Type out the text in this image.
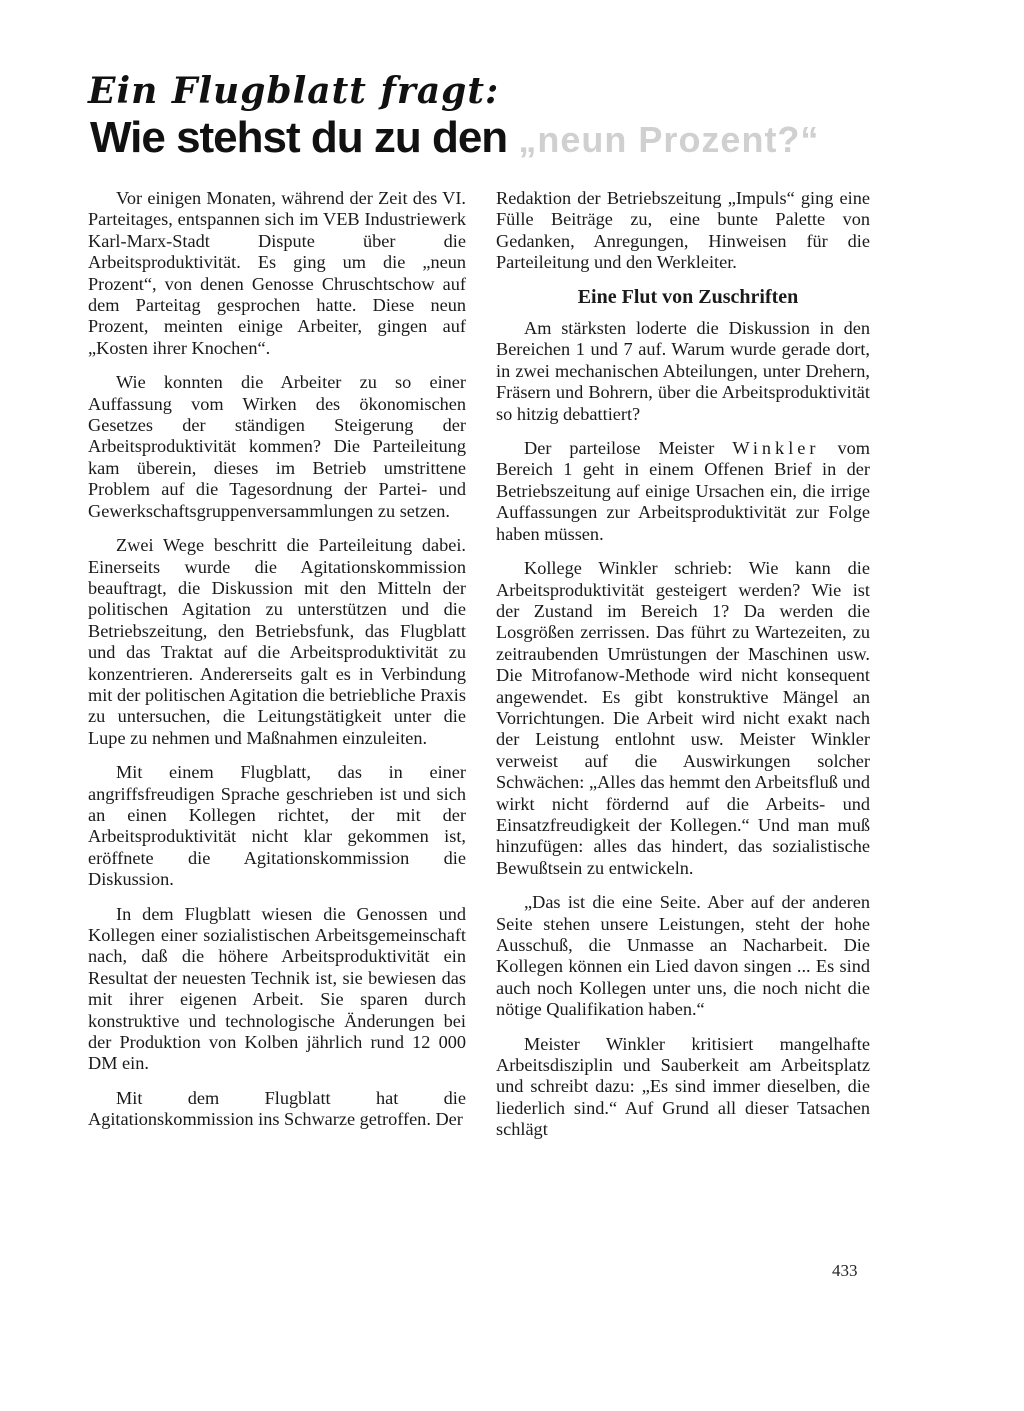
Ein Flugblatt fragt:
Wie stehst du zu den „neun Prozent?“

Vor einigen Monaten, während der Zeit des VI. Parteitages, entspannen sich im VEB Industriewerk Karl-Marx-Stadt Dispute über die Arbeitsproduktivität. Es ging um die „neun Prozent“, von denen Genosse Chruschtschow auf dem Parteitag gesprochen hatte. Diese neun Prozent, meinten einige Arbeiter, gingen auf „Kosten ihrer Knochen“.

Wie konnten die Arbeiter zu so einer Auffassung vom Wirken des ökonomischen Gesetzes der ständigen Steigerung der Arbeitsproduktivität kommen? Die Parteileitung kam überein, dieses im Betrieb umstrittene Problem auf die Tagesordnung der Partei- und Gewerkschaftsgruppenversammlungen zu setzen.

Zwei Wege beschritt die Parteileitung dabei. Einerseits wurde die Agitationskommission beauftragt, die Diskussion mit den Mitteln der politischen Agitation zu unterstützen und die Betriebszeitung, den Betriebsfunk, das Flugblatt und das Traktat auf die Arbeitsproduktivität zu konzentrieren. Andererseits galt es in Verbindung mit der politischen Agitation die betriebliche Praxis zu untersuchen, die Leitungstätigkeit unter die Lupe zu nehmen und Maßnahmen einzuleiten.

Mit einem Flugblatt, das in einer angriffsfreudigen Sprache geschrieben ist und sich an einen Kollegen richtet, der mit der Arbeitsproduktivität nicht klar gekommen ist, eröffnete die Agitationskommission die Diskussion.

In dem Flugblatt wiesen die Genossen und Kollegen einer sozialistischen Arbeitsgemeinschaft nach, daß die höhere Arbeitsproduktivität ein Resultat der neuesten Technik ist, sie bewiesen das mit ihrer eigenen Arbeit. Sie sparen durch konstruktive und technologische Änderungen bei der Produktion von Kolben jährlich rund 12 000 DM ein.

Mit dem Flugblatt hat die Agitationskommission ins Schwarze getroffen. Der

Redaktion der Betriebszeitung „Impuls“ ging eine Fülle Beiträge zu, eine bunte Palette von Gedanken, Anregungen, Hinweisen für die Parteileitung und den Werkleiter.

Eine Flut von Zuschriften

Am stärksten loderte die Diskussion in den Bereichen 1 und 7 auf. Warum wurde gerade dort, in zwei mechanischen Abteilungen, unter Drehern, Fräsern und Bohrern, über die Arbeitsproduktivität so hitzig debattiert?

Der parteilose Meister Winkler vom Bereich 1 geht in einem Offenen Brief in der Betriebszeitung auf einige Ursachen ein, die irrige Auffassungen zur Arbeitsproduktivität zur Folge haben müssen.

Kollege Winkler schrieb: Wie kann die Arbeitsproduktivität gesteigert werden? Wie ist der Zustand im Bereich 1? Da werden die Losgrößen zerrissen. Das führt zu Wartezeiten, zu zeitraubenden Umrüstungen der Maschinen usw. Die Mitrofanow-Methode wird nicht konsequent angewendet. Es gibt konstruktive Mängel an Vorrichtungen. Die Arbeit wird nicht exakt nach der Leistung entlohnt usw. Meister Winkler verweist auf die Auswirkungen solcher Schwächen: „Alles das hemmt den Arbeitsfluß und wirkt nicht fördernd auf die Arbeits- und Einsatzfreudigkeit der Kollegen.“ Und man muß hinzufügen: alles das hindert, das sozialistische Bewußtsein zu entwickeln.

„Das ist die eine Seite. Aber auf der anderen Seite stehen unsere Leistungen, steht der hohe Ausschuß, die Unmasse an Nacharbeit. Die Kollegen können ein Lied davon singen ... Es sind auch noch Kollegen unter uns, die noch nicht die nötige Qualifikation haben.“

Meister Winkler kritisiert mangelhafte Arbeitsdisziplin und Sauberkeit am Arbeitsplatz und schreibt dazu: „Es sind immer dieselben, die liederlich sind.“ Auf Grund all dieser Tatsachen schlägt

433
